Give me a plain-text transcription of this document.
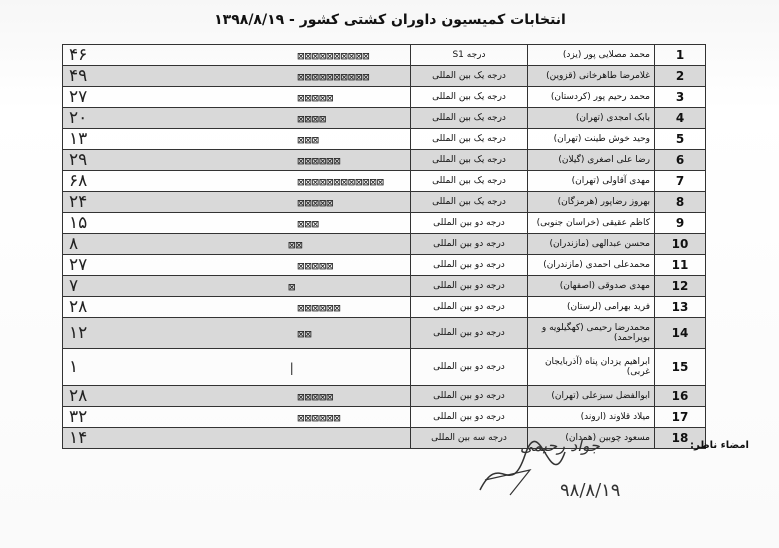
انتخابات کمیسیون داوران کشتی کشور - ۱۳۹۸/۸/۱۹
1	محمد مصلایی پور (یزد)	درجه S1	۴۶ ⊠⊠⊠⊠⊠⊠⊠⊠⊠⊠
2	غلامرضا طاهرخانی (قزوین)	درجه یک بین المللی	۴۹ ⊠⊠⊠⊠⊠⊠⊠⊠⊠⊠
3	محمد رحیم پور (کردستان)	درجه یک بین المللی	۲۷ ⊠⊠⊠⊠⊠
4	بابک امجدی (تهران)	درجه یک بین المللی	۲۰ ⊠⊠⊠⊠
5	وحید خوش طینت (تهران)	درجه یک بین المللی	۱۳ ⊠⊠⊠
6	رضا علی اصغری (گیلان)	درجه یک بین المللی	۲۹ ⊠⊠⊠⊠⊠⊠
7	مهدی آقاولی (تهران)	درجه یک بین المللی	۶۸ ⊠⊠⊠⊠⊠⊠⊠⊠⊠⊠⊠⊠
8	بهروز رضاپور (هرمزگان)	درجه یک بین المللی	۲۴ ⊠⊠⊠⊠⊠
9	کاظم عقیقی (خراسان جنوبی)	درجه دو بین المللی	۱۵ ⊠⊠⊠
10	محسن عبدالهی (مازندران)	درجه دو بین المللی	۸ ⊠⊠
11	محمدعلی احمدی (مازندران)	درجه دو بین المللی	۲۷ ⊠⊠⊠⊠⊠
12	مهدی صدوقی (اصفهان)	درجه دو بین المللی	۷ ⊠
13	فرید بهرامی (لرستان)	درجه دو بین المللی	۲۸ ⊠⊠⊠⊠⊠⊠
14	محمدرضا رحیمی (کهگیلویه و بویراحمد)	درجه دو بین المللی	۱۲ ⊠⊠
15	ابراهیم یزدان پناه (آذربایجان غربی)	درجه دو بین المللی	۱ |
16	ابوالفضل سبزعلی (تهران)	درجه دو بین المللی	۲۸ ⊠⊠⊠⊠⊠
17	میلاد قلاوند (اروند)	درجه دو بین المللی	۳۲ ⊠⊠⊠⊠⊠⊠
18	مسعود چوبین (همدان)	درجه سه بین المللی	۱۴	امضاء ناظر:
جواد رحیمی
۹۸/۸/۱۹
